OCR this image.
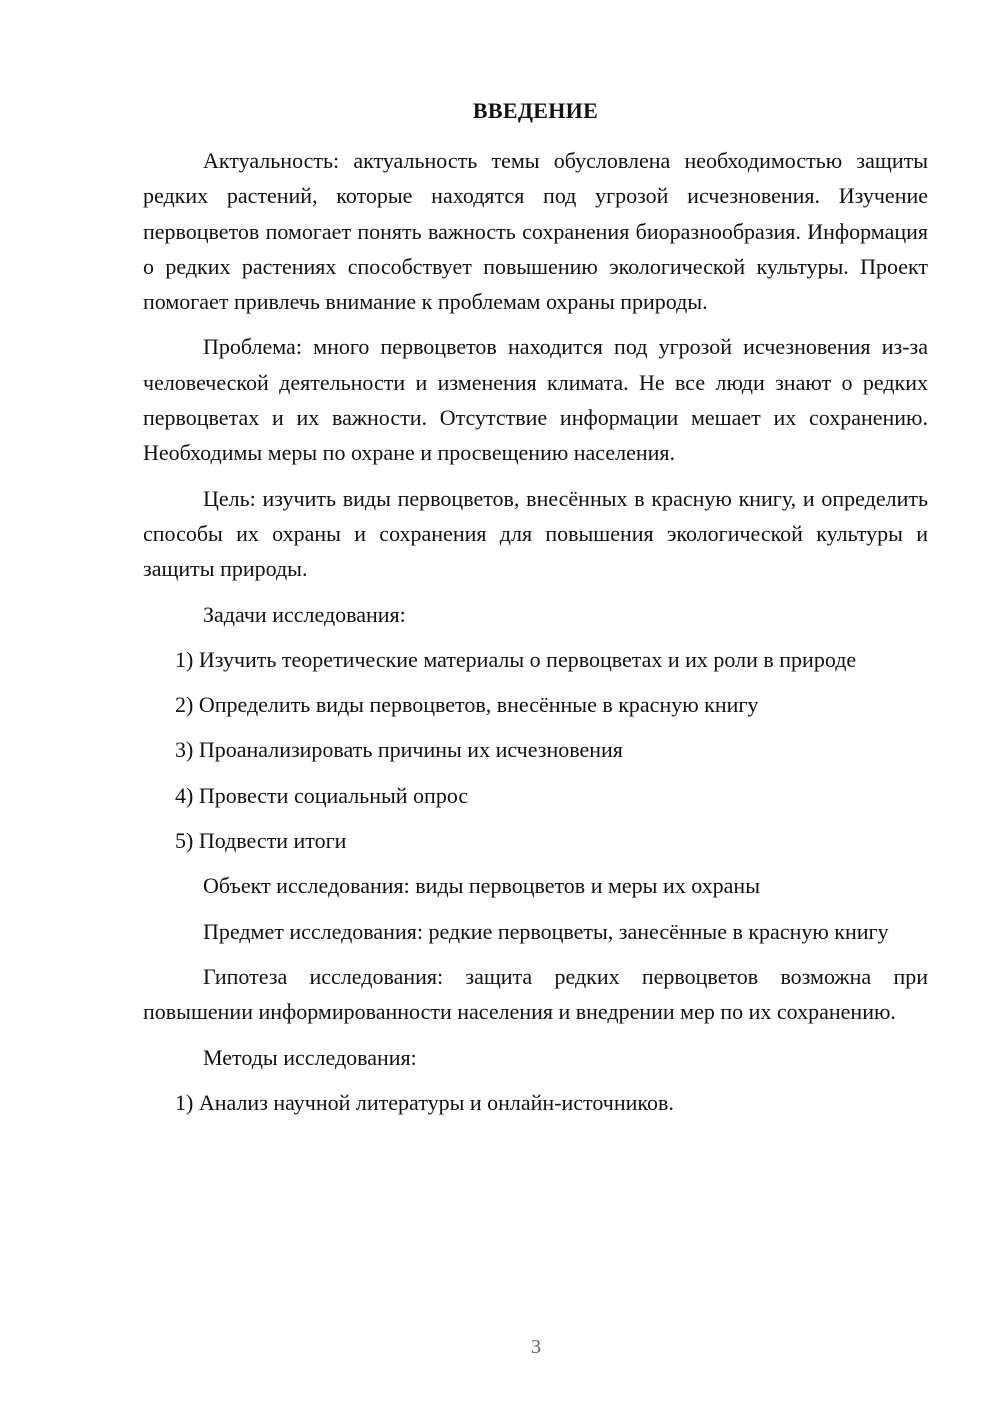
ВВЕДЕНИЕ

Актуальность: актуальность темы обусловлена необходимостью защиты редких растений, которые находятся под угрозой исчезновения. Изучение первоцветов помогает понять важность сохранения биоразнообразия. Информация о редких растениях способствует повышению экологической культуры. Проект помогает привлечь внимание к проблемам охраны природы.

Проблема: много первоцветов находится под угрозой исчезновения из-за человеческой деятельности и изменения климата. Не все люди знают о редких первоцветах и их важности. Отсутствие информации мешает их сохранению. Необходимы меры по охране и просвещению населения.

Цель: изучить виды первоцветов, внесённых в красную книгу, и определить способы их охраны и сохранения для повышения экологической культуры и защиты природы.

Задачи исследования:

1) Изучить теоретические материалы о первоцветах и их роли в природе

2) Определить виды первоцветов, внесённые в красную книгу

3) Проанализировать причины их исчезновения

4) Провести социальный опрос

5) Подвести итоги

Объект исследования: виды первоцветов и меры их охраны

Предмет исследования: редкие первоцветы, занесённые в красную книгу

Гипотеза исследования: защита редких первоцветов возможна при повышении информированности населения и внедрении мер по их сохранению.

Методы исследования:

1) Анализ научной литературы и онлайн-источников.

3
